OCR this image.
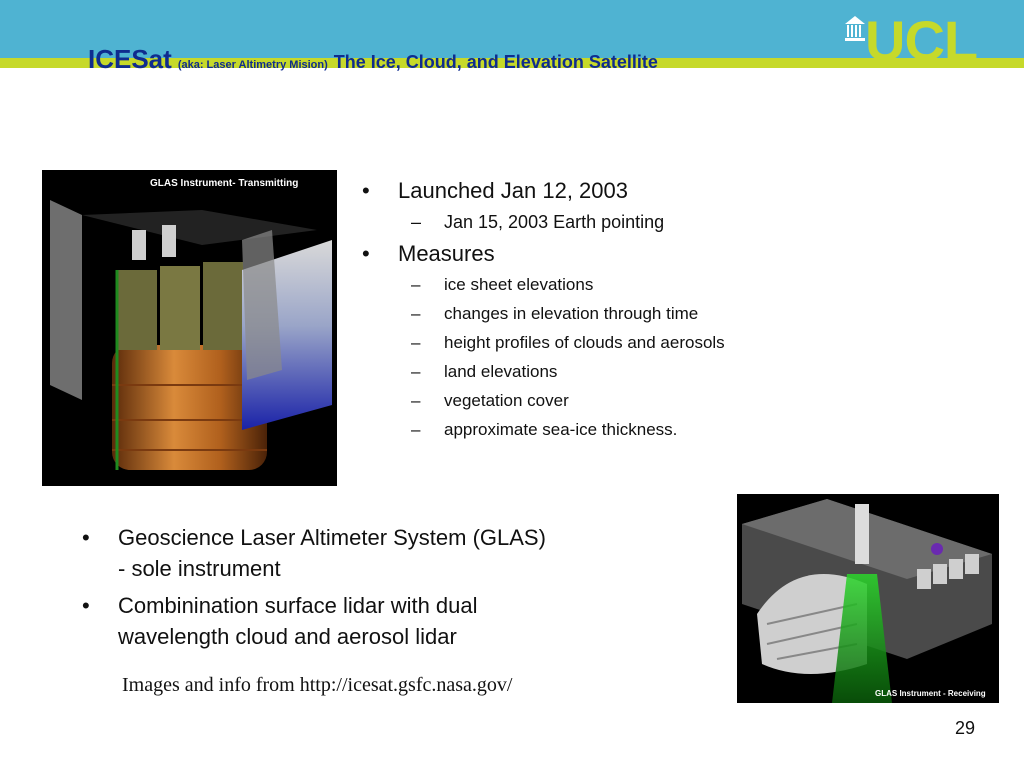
UCL
ICESat (aka: Laser Altimetry Mision) The Ice, Cloud, and Elevation Satellite
GLAS Instrument- Transmitting
GLAS Instrument - Receiving
• Launched Jan 12, 2003
– Jan 15, 2003 Earth pointing
• Measures
– ice sheet elevations
– changes in elevation through time
– height profiles of clouds and aerosols
– land elevations
– vegetation cover
– approximate sea-ice thickness.
• Geoscience Laser Altimeter System (GLAS)
- sole instrument
• Combinination surface lidar with dual
wavelength cloud and aerosol lidar
Images and info from http://icesat.gsfc.nasa.gov/
29
